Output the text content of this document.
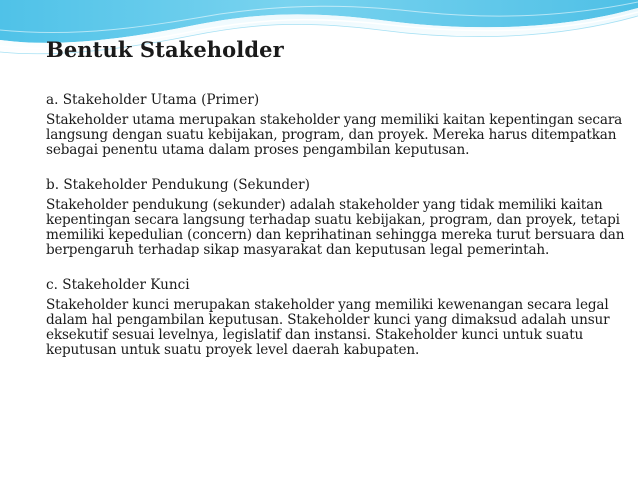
Bentuk Stakeholder

a. Stakeholder Utama (Primer)

Stakeholder utama merupakan stakeholder yang memiliki kaitan kepentingan secara langsung dengan suatu kebijakan, program, dan proyek. Mereka harus ditempatkan sebagai penentu utama dalam proses pengambilan keputusan.

b. Stakeholder Pendukung (Sekunder)

Stakeholder pendukung (sekunder) adalah stakeholder yang tidak memiliki kaitan kepentingan secara langsung terhadap suatu kebijakan, program, dan proyek, tetapi memiliki kepedulian (concern) dan keprihatinan sehingga mereka turut bersuara dan berpengaruh terhadap sikap masyarakat dan keputusan legal pemerintah.

c. Stakeholder Kunci

Stakeholder kunci merupakan stakeholder yang memiliki kewenangan secara legal dalam hal pengambilan keputusan. Stakeholder kunci yang dimaksud adalah unsur eksekutif sesuai levelnya, legislatif dan instansi. Stakeholder kunci untuk suatu keputusan untuk suatu proyek level daerah kabupaten.
